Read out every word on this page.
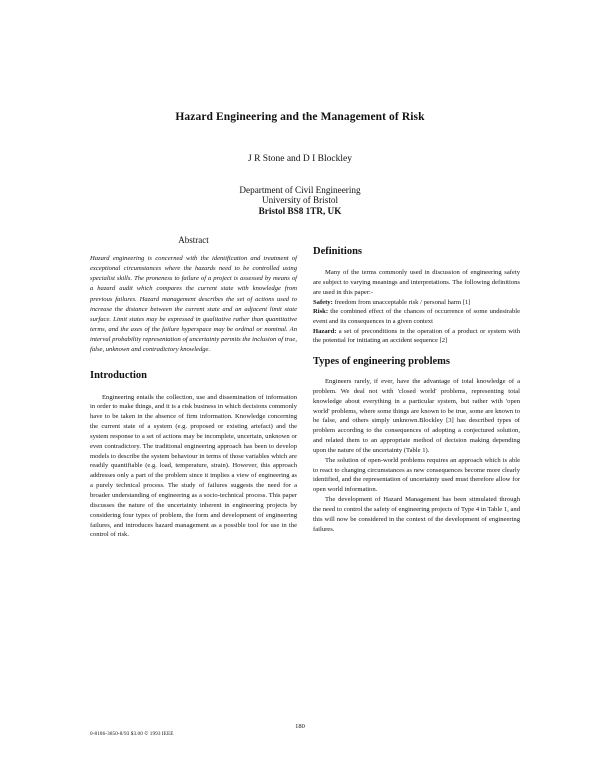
Hazard Engineering and the Management of Risk
J R Stone and D I Blockley
Department of Civil Engineering
University of Bristol
Bristol BS8 1TR, UK
Abstract

Hazard engineering is concerned with the identification and treatment of exceptional circumstances where the hazards need to be controlled using specialist skills. The proneness to failure of a project is assessed by means of a hazard audit which compares the current state with knowledge from previous failures. Hazard management describes the set of actions used to increase the distance between the current state and an adjacent limit state surface. Limit states may be expressed in qualitative rather than quantitative terms, and the axes of the failure hyperspace may be ordinal or nominal. An interval probability representation of uncertainty permits the inclusion of true, false, unknown and contradictory knowledge.

Introduction

Engineering entails the collection, use and dissemination of information in order to make things, and it is a risk business in which decisions commonly have to be taken in the absence of firm information. Knowledge concerning the current state of a system (e.g. proposed or existing artefact) and the system response to a set of actions may be incomplete, uncertain, unknown or even contradictory. The traditional engineering approach has been to develop models to describe the system behaviour in terms of those variables which are readily quantifiable (e.g. load, temperature, strain). However, this approach addresses only a part of the problem since it implies a view of engineering as a purely technical process. The study of failures suggests the need for a broader understanding of engineering as a socio-technical process. This paper discusses the nature of the uncertainty inherent in engineering projects by considering four types of problem, the form and development of engineering failures, and introduces hazard management as a possible tool for use in the control of risk.

Definitions

Many of the terms commonly used in discussion of engineering safety are subject to varying meanings and interpretations. The following definitions are used in this paper:-

Safety: freedom from unacceptable risk / personal harm [1]

Risk: the combined effect of the chances of occurrence of some undesirable event and its consequences in a given context

Hazard: a set of preconditions in the operation of a product or system with the potential for initiating an accident sequence [2]

Types of engineering problems

Engineers rarely, if ever, have the advantage of total knowledge of a problem. We deal not with 'closed world' problems, representing total knowledge about everything in a particular system, but rather with 'open world' problems, where some things are known to be true, some are known to be false, and others simply unknown.Blockley [3] has described types of problem according to the consequences of adopting a conjectured solution, and related them to an appropriate method of decision making depending upon the nature of the uncertainty (Table 1).

The solution of open-world problems requires an approach which is able to react to changing circumstances as new consequences become more clearly identified, and the representation of uncertainty used must therefore allow for open world information.

The development of Hazard Management has been stimulated through the need to control the safety of engineering projects of Type 4 in Table 1, and this will now be considered in the context of the development of engineering failures.

180
0-8186-3850-8/93 $3.00 © 1993 IEEE
